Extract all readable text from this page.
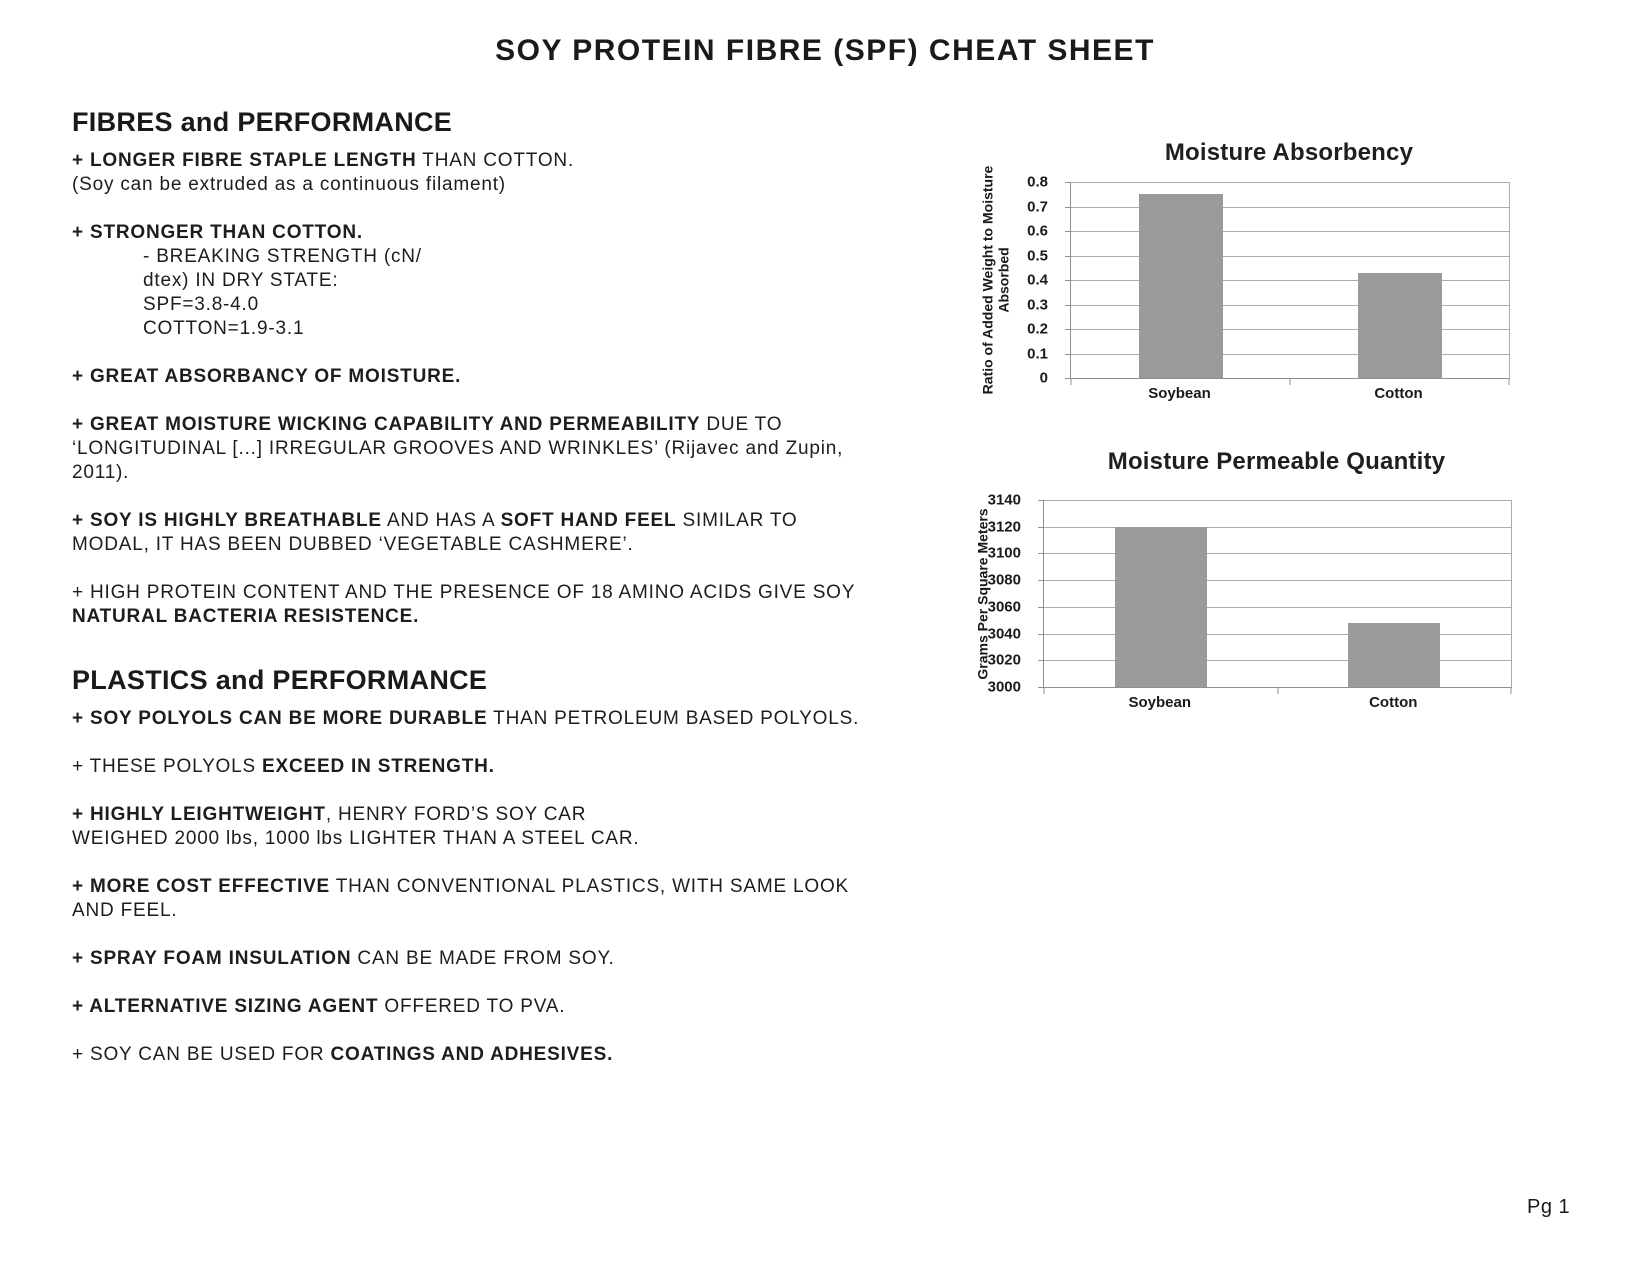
SOY PROTEIN FIBRE (SPF) CHEAT SHEET
FIBRES and PERFORMANCE
+ LONGER FIBRE STAPLE LENGTH THAN COTTON.
(Soy can be extruded as a continuous filament)
+ STRONGER THAN COTTON.
- BREAKING STRENGTH (cN/
dtex) IN DRY STATE:
SPF=3.8-4.0
COTTON=1.9-3.1
+ GREAT ABSORBANCY OF MOISTURE.
+ GREAT MOISTURE WICKING CAPABILITY AND PERMEABILITY DUE TO
‘LONGITUDINAL [...] IRREGULAR GROOVES AND WRINKLES’ (Rijavec and Zupin,
2011).
+ SOY IS HIGHLY BREATHABLE AND HAS A SOFT HAND FEEL SIMILAR TO
MODAL, IT HAS BEEN DUBBED ‘VEGETABLE CASHMERE’.
+ HIGH PROTEIN CONTENT AND THE PRESENCE OF 18 AMINO ACIDS GIVE SOY
NATURAL BACTERIA RESISTENCE.
PLASTICS and PERFORMANCE
+ SOY POLYOLS CAN BE MORE DURABLE THAN PETROLEUM BASED POLYOLS.
+ THESE POLYOLS EXCEED IN STRENGTH.
+ HIGHLY LEIGHTWEIGHT, HENRY FORD’S SOY CAR
WEIGHED 2000 lbs, 1000 lbs LIGHTER THAN A STEEL CAR.
+ MORE COST EFFECTIVE THAN CONVENTIONAL PLASTICS, WITH SAME LOOK
AND FEEL.
+ SPRAY FOAM INSULATION CAN BE MADE FROM SOY.
+ ALTERNATIVE SIZING AGENT OFFERED TO PVA.
+ SOY CAN BE USED FOR COATINGS AND ADHESIVES.
Moisture Absorbency
Ratio of Added Weight to Moisture
Absorbed
0.8
0.7
0.6
0.5
0.4
0.3
0.2
0.1
0
Soybean	Cotton
Moisture Permeable Quantity
Grams Per Square Meters
3140
3120
3100
3080
3060
3040
3020
3000
Soybean	Cotton
Pg 1
